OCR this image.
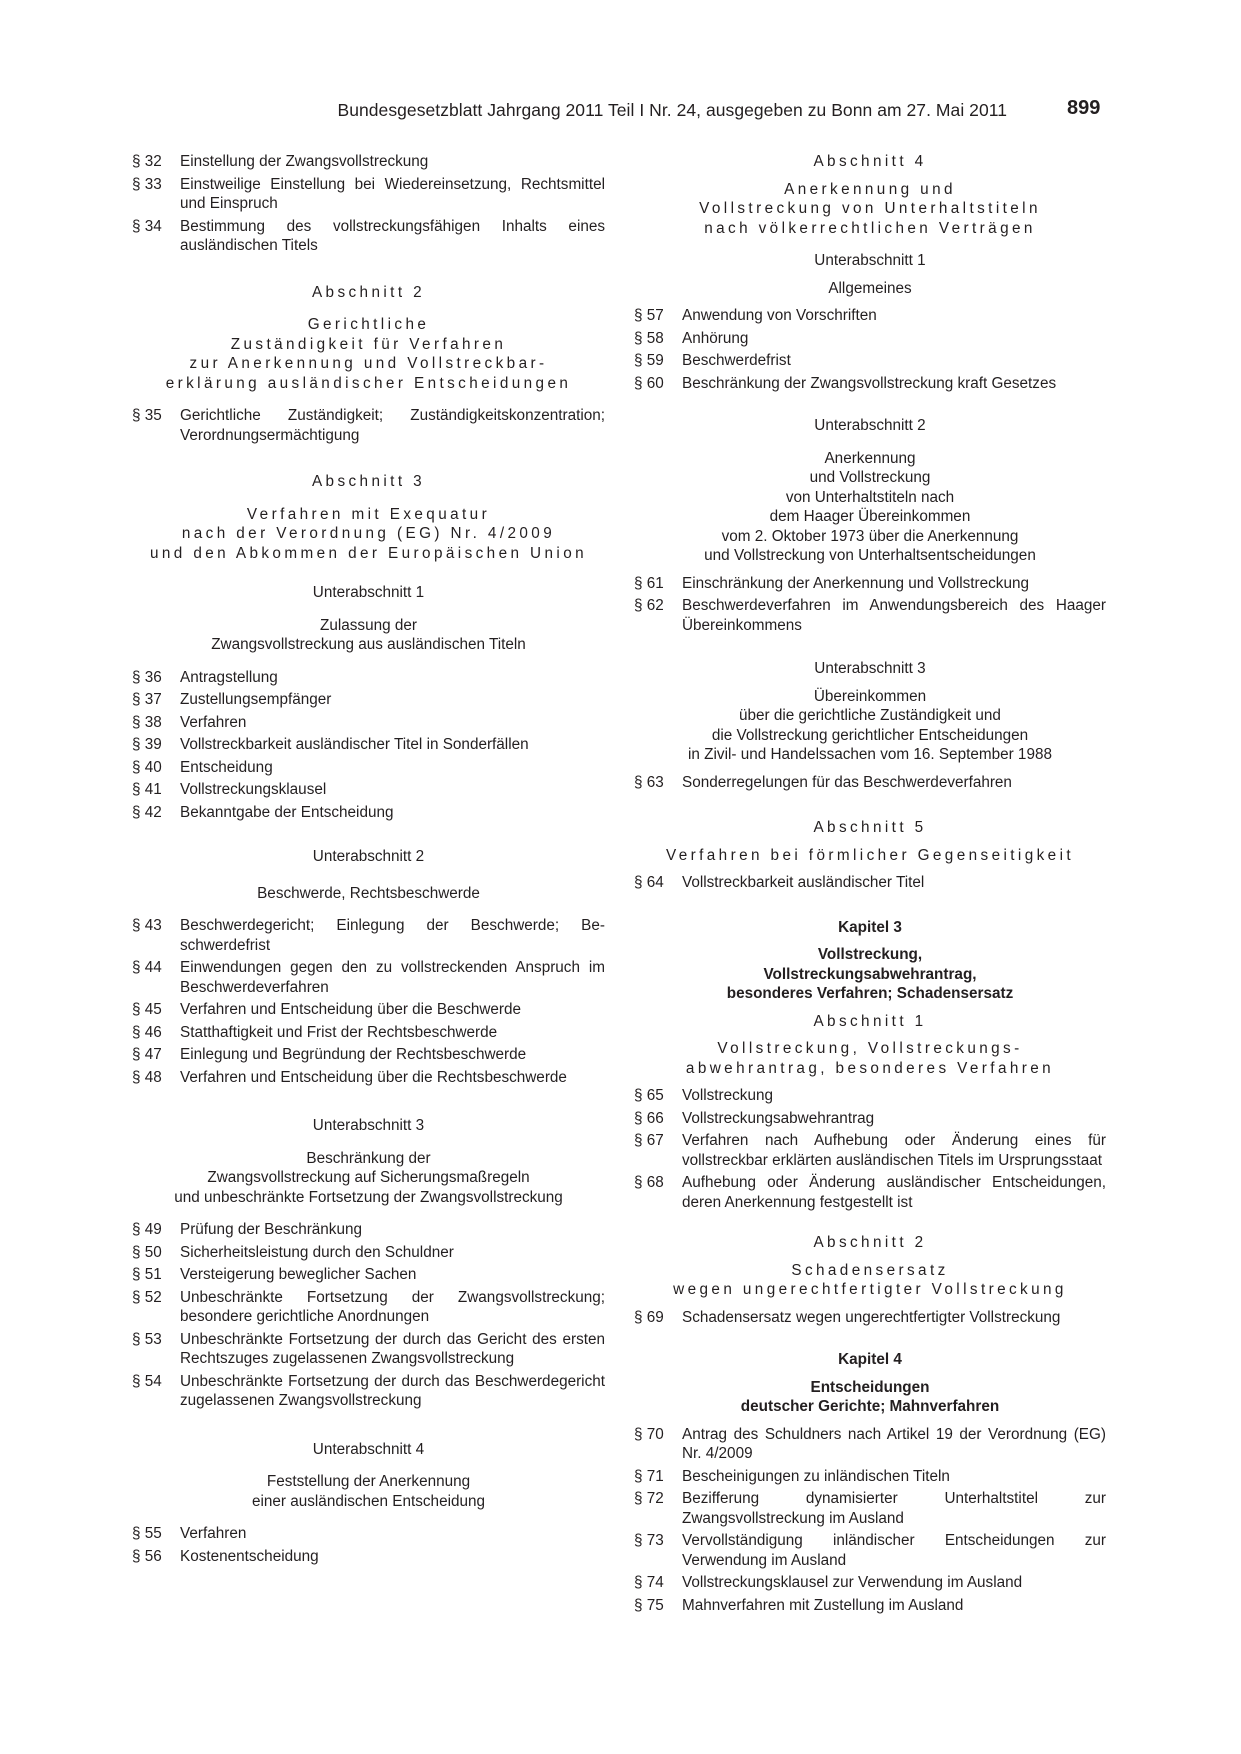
Bundesgesetzblatt Jahrgang 2011 Teil I Nr. 24, ausgegeben zu Bonn am 27. Mai 2011	899
§ 32	Einstellung der Zwangsvollstreckung
§ 33	Einstweilige Einstellung bei Wiedereinsetzung, Rechtsmittel und Einspruch
§ 34	Bestimmung des vollstreckungsfähigen Inhalts eines ausländischen Titels
Abschnitt 2
Gerichtliche
Zuständigkeit für Verfahren
zur Anerkennung und Vollstreckbar-
erklärung ausländischer Entscheidungen
§ 35	Gerichtliche Zuständigkeit; Zuständigkeitskonzentration; Verordnungsermächtigung
Abschnitt 3
Verfahren mit Exequatur
nach der Verordnung (EG) Nr. 4/2009
und den Abkommen der Europäischen Union
Unterabschnitt 1
Zulassung der
Zwangsvollstreckung aus ausländischen Titeln
§ 36	Antragstellung
§ 37	Zustellungsempfänger
§ 38	Verfahren
§ 39	Vollstreckbarkeit ausländischer Titel in Sonderfällen
§ 40	Entscheidung
§ 41	Vollstreckungsklausel
§ 42	Bekanntgabe der Entscheidung
Unterabschnitt 2
Beschwerde, Rechtsbeschwerde
§ 43	Beschwerdegericht; Einlegung der Beschwerde; Beschwerdefrist
§ 44	Einwendungen gegen den zu vollstreckenden Anspruch im Beschwerdeverfahren
§ 45	Verfahren und Entscheidung über die Beschwerde
§ 46	Statthaftigkeit und Frist der Rechtsbeschwerde
§ 47	Einlegung und Begründung der Rechtsbeschwerde
§ 48	Verfahren und Entscheidung über die Rechtsbeschwerde
Unterabschnitt 3
Beschränkung der
Zwangsvollstreckung auf Sicherungsmaßregeln
und unbeschränkte Fortsetzung der Zwangsvollstreckung
§ 49	Prüfung der Beschränkung
§ 50	Sicherheitsleistung durch den Schuldner
§ 51	Versteigerung beweglicher Sachen
§ 52	Unbeschränkte Fortsetzung der Zwangsvollstreckung; besondere gerichtliche Anordnungen
§ 53	Unbeschränkte Fortsetzung der durch das Gericht des ersten Rechtszuges zugelassenen Zwangsvollstreckung
§ 54	Unbeschränkte Fortsetzung der durch das Beschwerdegericht zugelassenen Zwangsvollstreckung
Unterabschnitt 4
Feststellung der Anerkennung
einer ausländischen Entscheidung
§ 55	Verfahren
§ 56	Kostenentscheidung
Abschnitt 4
Anerkennung und
Vollstreckung von Unterhaltstiteln
nach völkerrechtlichen Verträgen
Unterabschnitt 1
Allgemeines
§ 57	Anwendung von Vorschriften
§ 58	Anhörung
§ 59	Beschwerdefrist
§ 60	Beschränkung der Zwangsvollstreckung kraft Gesetzes
Unterabschnitt 2
Anerkennung
und Vollstreckung
von Unterhaltstiteln nach
dem Haager Übereinkommen
vom 2. Oktober 1973 über die Anerkennung
und Vollstreckung von Unterhaltsentscheidungen
§ 61	Einschränkung der Anerkennung und Vollstreckung
§ 62	Beschwerdeverfahren im Anwendungsbereich des Haager Übereinkommens
Unterabschnitt 3
Übereinkommen
über die gerichtliche Zuständigkeit und
die Vollstreckung gerichtlicher Entscheidungen
in Zivil- und Handelssachen vom 16. September 1988
§ 63	Sonderregelungen für das Beschwerdeverfahren
Abschnitt 5
Verfahren bei förmlicher Gegenseitigkeit
§ 64	Vollstreckbarkeit ausländischer Titel
Kapitel 3
Vollstreckung,
Vollstreckungsabwehrantrag,
besonderes Verfahren; Schadensersatz
Abschnitt 1
Vollstreckung, Vollstreckungs-
abwehrantrag, besonderes Verfahren
§ 65	Vollstreckung
§ 66	Vollstreckungsabwehrantrag
§ 67	Verfahren nach Aufhebung oder Änderung eines für vollstreckbar erklärten ausländischen Titels im Ursprungsstaat
§ 68	Aufhebung oder Änderung ausländischer Entscheidungen, deren Anerkennung festgestellt ist
Abschnitt 2
Schadensersatz
wegen ungerechtfertigter Vollstreckung
§ 69	Schadensersatz wegen ungerechtfertigter Vollstreckung
Kapitel 4
Entscheidungen
deutscher Gerichte; Mahnverfahren
§ 70	Antrag des Schuldners nach Artikel 19 der Verordnung (EG) Nr. 4/2009
§ 71	Bescheinigungen zu inländischen Titeln
§ 72	Bezifferung dynamisierter Unterhaltstitel zur Zwangsvollstreckung im Ausland
§ 73	Vervollständigung inländischer Entscheidungen zur Verwendung im Ausland
§ 74	Vollstreckungsklausel zur Verwendung im Ausland
§ 75	Mahnverfahren mit Zustellung im Ausland
